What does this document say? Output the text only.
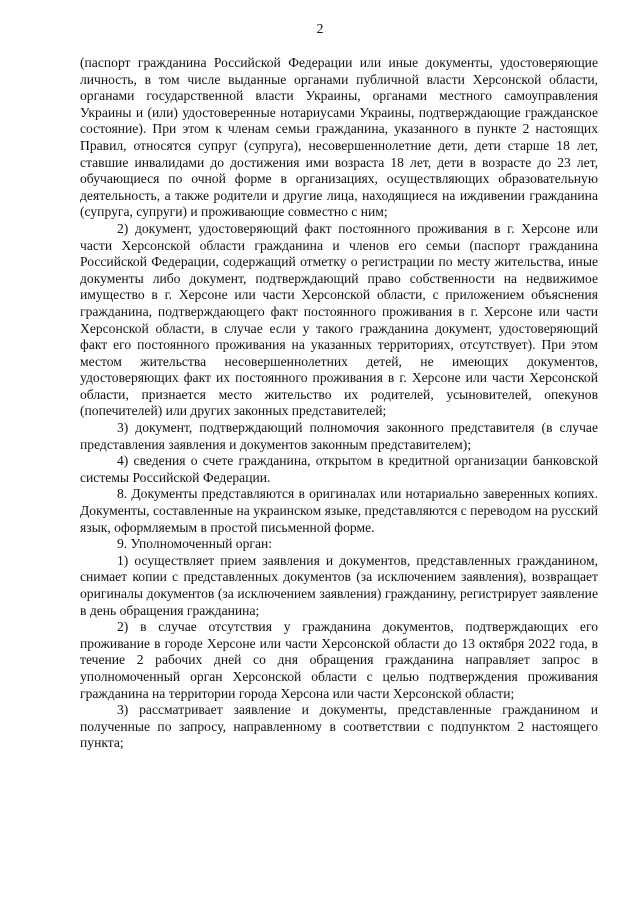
2

(паспорт гражданина Российской Федерации или иные документы, удостоверяющие личность, в том числе выданные органами публичной власти Херсонской области, органами государственной власти Украины, органами местного самоуправления Украины и (или) удостоверенные нотариусами Украины, подтверждающие гражданское состояние). При этом к членам семьи гражданина, указанного в пункте 2 настоящих Правил, относятся супруг (супруга), несовершеннолетние дети, дети старше 18 лет, ставшие инвалидами до достижения ими возраста 18 лет, дети в возрасте до 23 лет, обучающиеся по очной форме в организациях, осуществляющих образовательную деятельность, а также родители и другие лица, находящиеся на иждивении гражданина (супруга, супруги) и проживающие совместно с ним;

2) документ, удостоверяющий факт постоянного проживания в г. Херсоне или части Херсонской области гражданина и членов его семьи (паспорт гражданина Российской Федерации, содержащий отметку о регистрации по месту жительства, иные документы либо документ, подтверждающий право собственности на недвижимое имущество в г. Херсоне или части Херсонской области, с приложением объяснения гражданина, подтверждающего факт постоянного проживания в г. Херсоне или части Херсонской области, в случае если у такого гражданина документ, удостоверяющий факт его постоянного проживания на указанных территориях, отсутствует). При этом местом жительства несовершеннолетних детей, не имеющих документов, удостоверяющих факт их постоянного проживания в г. Херсоне или части Херсонской области, признается место жительство их родителей, усыновителей, опекунов (попечителей) или других законных представителей;

3) документ, подтверждающий полномочия законного представителя (в случае представления заявления и документов законным представителем);

4) сведения о счете гражданина, открытом в кредитной организации банковской системы Российской Федерации.

8. Документы представляются в оригиналах или нотариально заверенных копиях. Документы, составленные на украинском языке, представляются с переводом на русский язык, оформляемым в простой письменной форме.

9. Уполномоченный орган:

1) осуществляет прием заявления и документов, представленных гражданином, снимает копии с представленных документов (за исключением заявления), возвращает оригиналы документов (за исключением заявления) гражданину, регистрирует заявление в день обращения гражданина;

2) в случае отсутствия у гражданина документов, подтверждающих его проживание в городе Херсоне или части Херсонской области до 13 октября 2022 года, в течение 2 рабочих дней со дня обращения гражданина направляет запрос в уполномоченный орган Херсонской области с целью подтверждения проживания гражданина на территории города Херсона или части Херсонской области;

3) рассматривает заявление и документы, представленные гражданином и полученные по запросу, направленному в соответствии с подпунктом 2 настоящего пункта;
